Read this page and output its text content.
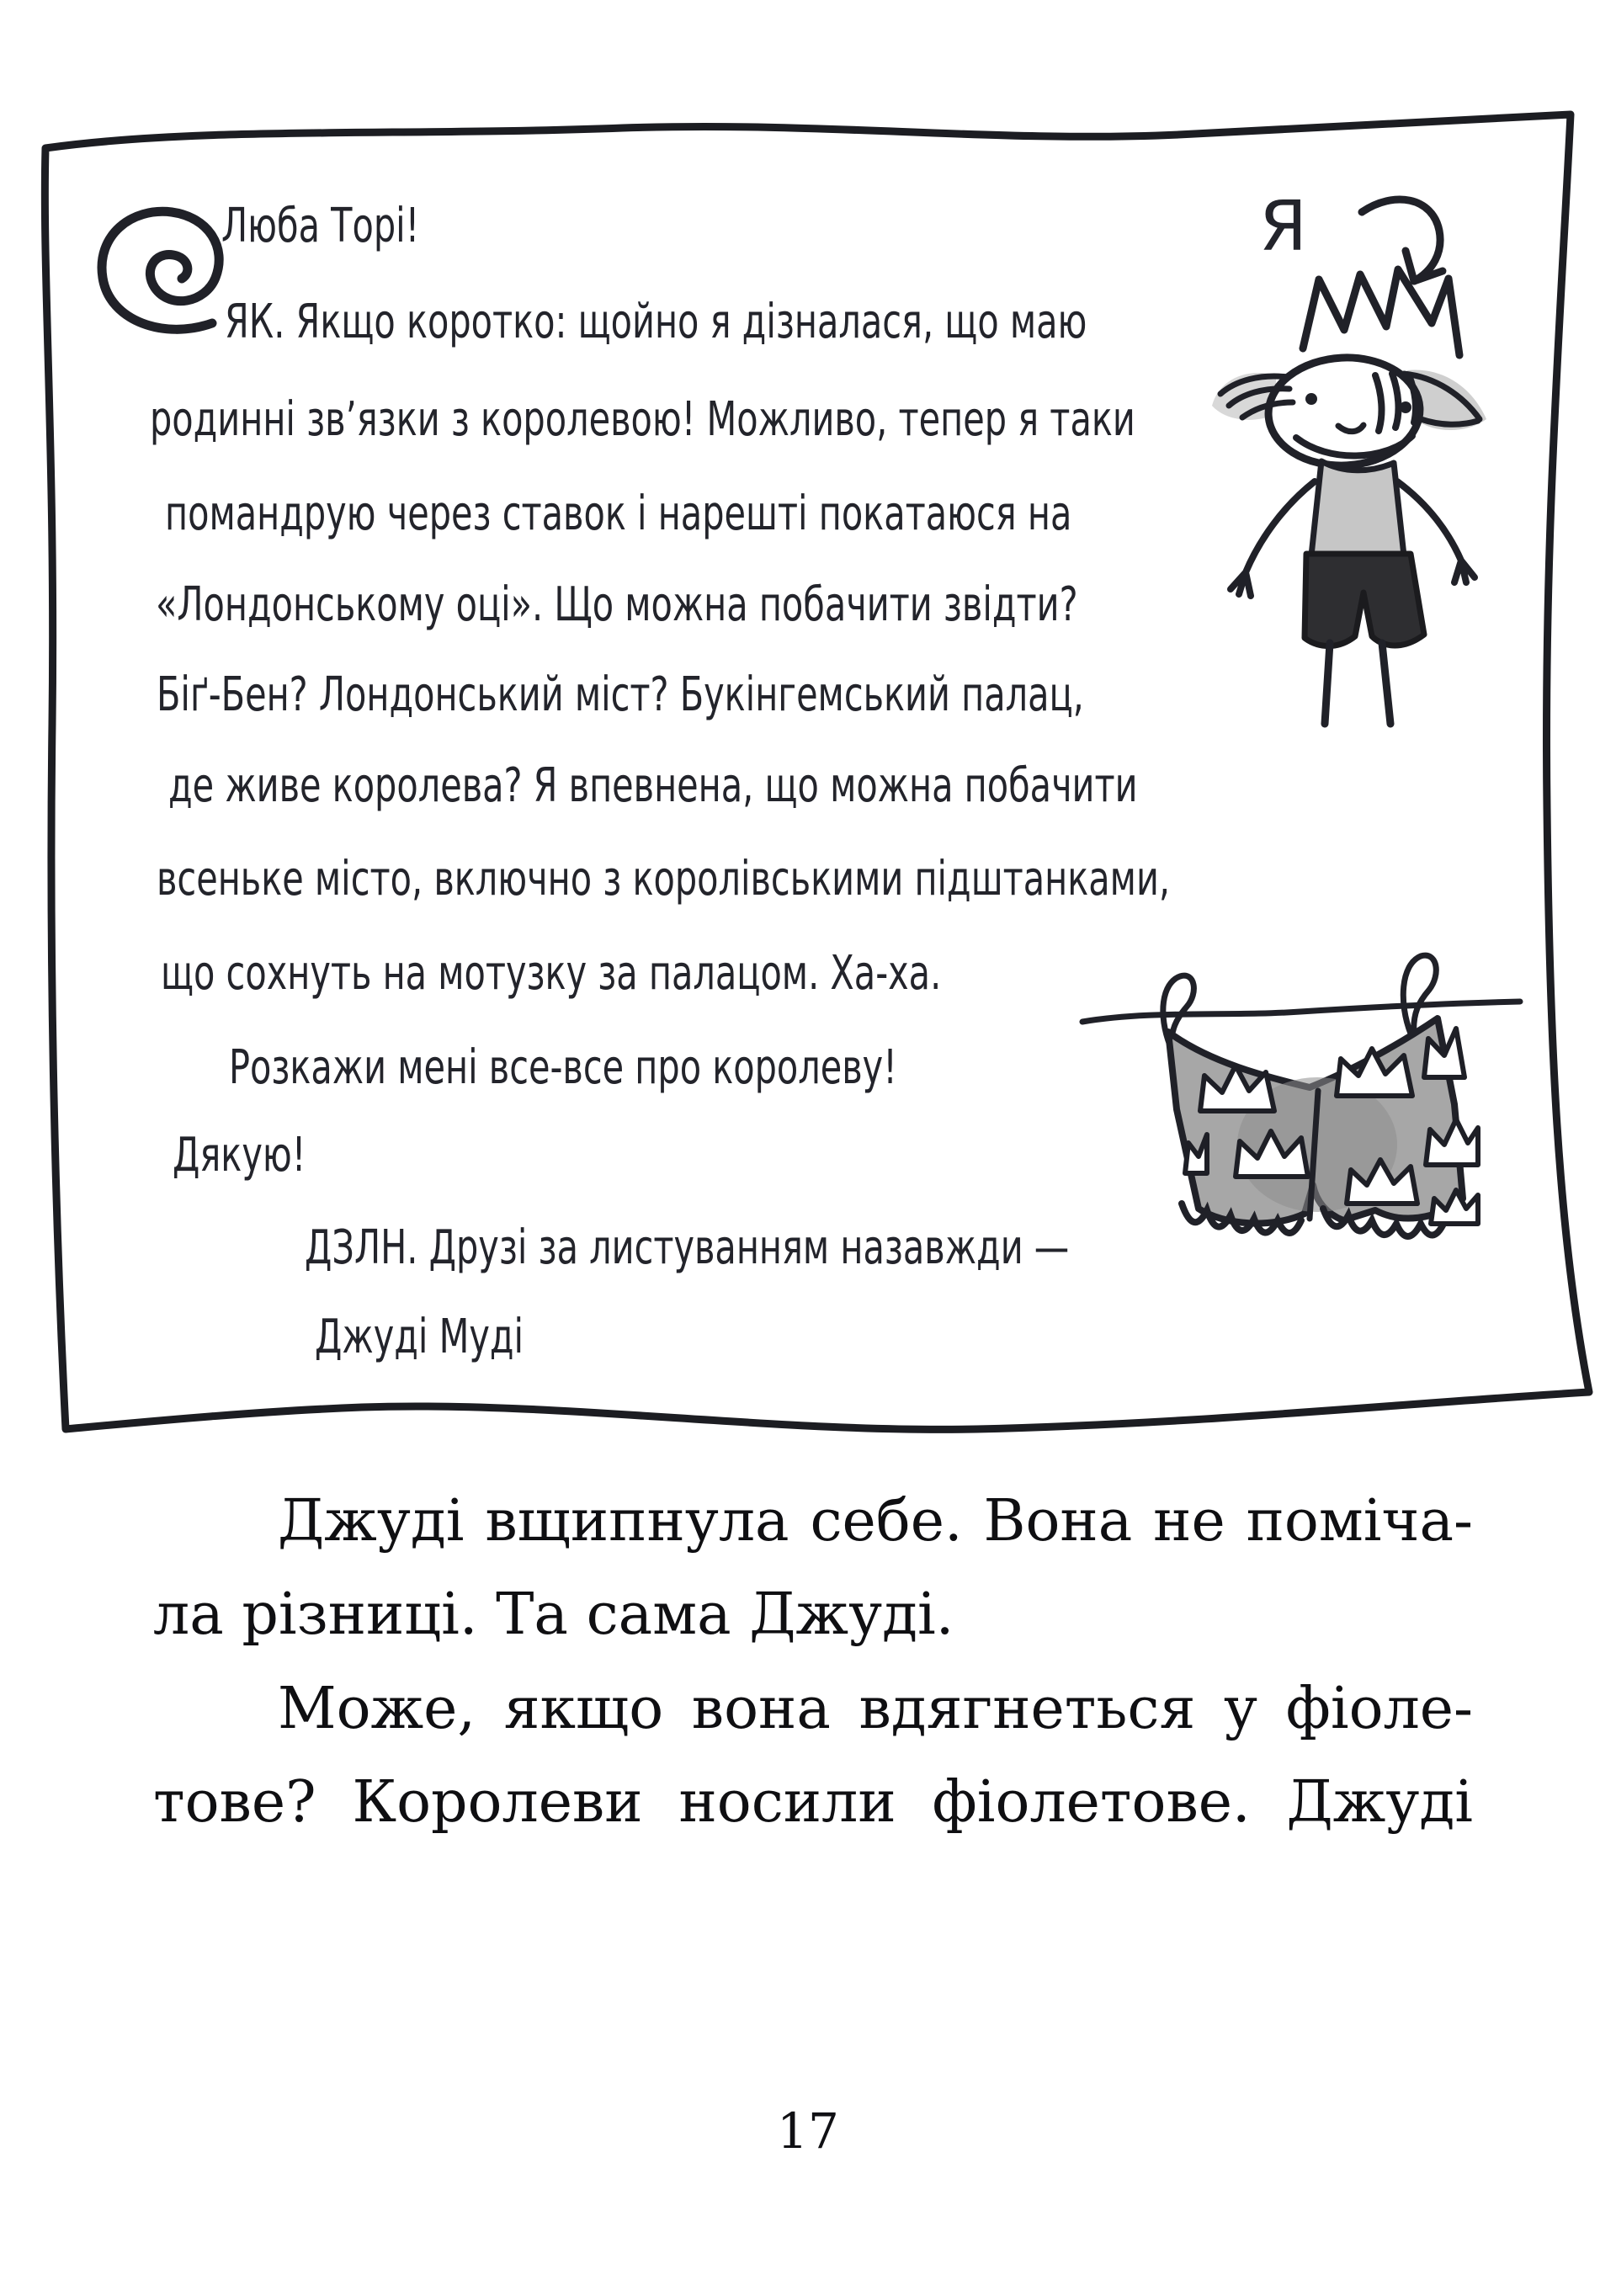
Я
Люба Торі!
ЯК. Якщо коротко: щойно я дізналася, що маю
родинні зв’язки з королевою! Можливо, тепер я таки
помандрую через ставок і нарешті покатаюся на
«Лондонському оці». Що можна побачити звідти?
Біґ-Бен? Лондонський міст? Букінгемський палац,
де живе королева? Я впевнена, що можна побачити
всеньке місто, включно з королівськими підштанками,
що сохнуть на мотузку за палацом. Ха-ха.
Розкажи мені все-все про королеву!
Дякую!
ДЗЛН. Друзі за листуванням назавжди —
Джуді Муді
Джуді вщипнула себе. Вона не поміча-
ла різниці. Та сама Джуді.
Може, якщо вона вдягнеться у фіоле-
тове? Королеви носили фіолетове. Джуді
17
